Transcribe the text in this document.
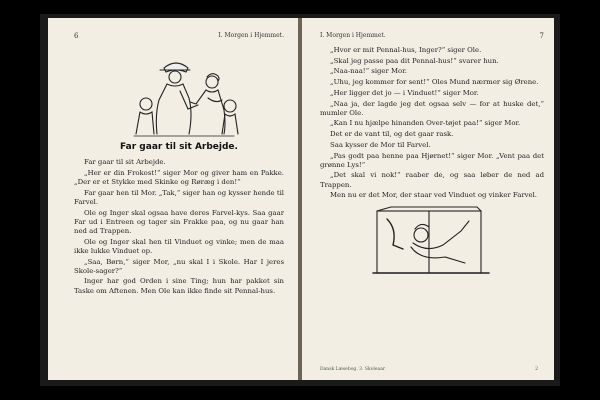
6	I. Morgen i Hjemmet.
Far gaar til sit Arbejde.

Far gaar til sit Arbejde.

„Her er din Frokost!“ siger Mor og giver ham en Pakke. „Der er et Stykke med Skinke og Røræg i den!“

Far gaar hen til Mor. „Tak,“ siger han og kysser hende til Farvel.

Ole og Inger skal ogsaa have deres Farvel-kys. Saa gaar Far ud i Entreen og tager sin Frakke paa, og nu gaar han ned ad Trappen.

Ole og Inger skal hen til Vinduet og vinke; men de maa ikke lukke Vinduet op.

„Saa, Børn,“ siger Mor, „nu skal I i Skole. Har I jeres Skole-sager?“

Inger har god Orden i sine Ting; hun har pakket sin Taske om Aftenen. Men Ole kan ikke finde sit Pennal-hus.

I. Morgen i Hjemmet.	7

„Hvor er mit Pennal-hus, Inger?“ siger Ole.

„Skal jeg passe paa dit Pennal-hus!“ svarer hun.

„Naa-naa!“ siger Mor.

„Uhu, jeg kommer for sent!“ Oles Mund nærmer sig Ørene.

„Her ligger det jo — i Vinduet!“ siger Mor.

„Naa ja, der lagde jeg det ogsaa selv — for at huske det,“ mumler Ole.

„Kan I nu hjælpe hinanden Over-tøjet paa!“ siger Mor.

Det er de vant til, og det gaar rask.

Saa kysser de Mor til Farvel.

„Pas godt paa henne paa Hjørnet!“ siger Mor. „Vent paa det grønne Lys!“

„Det skal vi nok!“ raaber de, og saa løber de ned ad Trappen.

Men nu er det Mor, der staar ved Vinduet og vinker Farvel.

Dansk Læsebog. 3. Skoleaar	2
